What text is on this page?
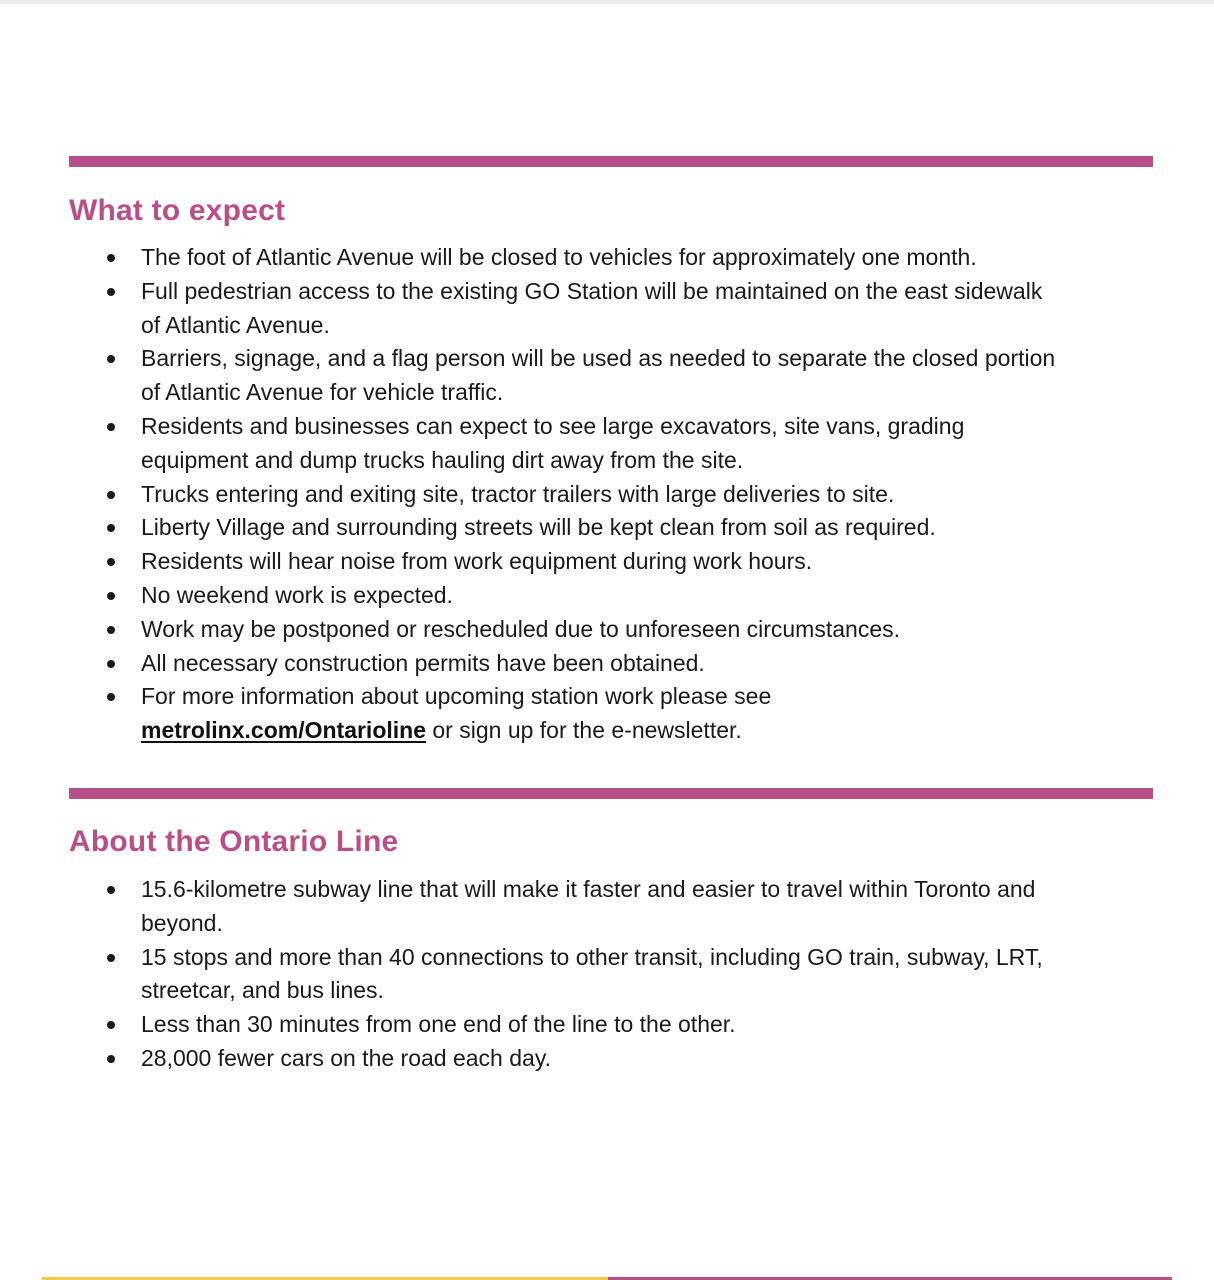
What to expect
The foot of Atlantic Avenue will be closed to vehicles for approximately one month.
Full pedestrian access to the existing GO Station will be maintained on the east sidewalk of Atlantic Avenue.
Barriers, signage, and a flag person will be used as needed to separate the closed portion of Atlantic Avenue for vehicle traffic.
Residents and businesses can expect to see large excavators, site vans, grading equipment and dump trucks hauling dirt away from the site.
Trucks entering and exiting site, tractor trailers with large deliveries to site.
Liberty Village and surrounding streets will be kept clean from soil as required.
Residents will hear noise from work equipment during work hours.
No weekend work is expected.
Work may be postponed or rescheduled due to unforeseen circumstances.
All necessary construction permits have been obtained.
For more information about upcoming station work please see
metrolinx.com/Ontarioline or sign up for the e-newsletter.
About the Ontario Line
15.6-kilometre subway line that will make it faster and easier to travel within Toronto and beyond.
15 stops and more than 40 connections to other transit, including GO train, subway, LRT, streetcar, and bus lines.
Less than 30 minutes from one end of the line to the other.
28,000 fewer cars on the road each day.
